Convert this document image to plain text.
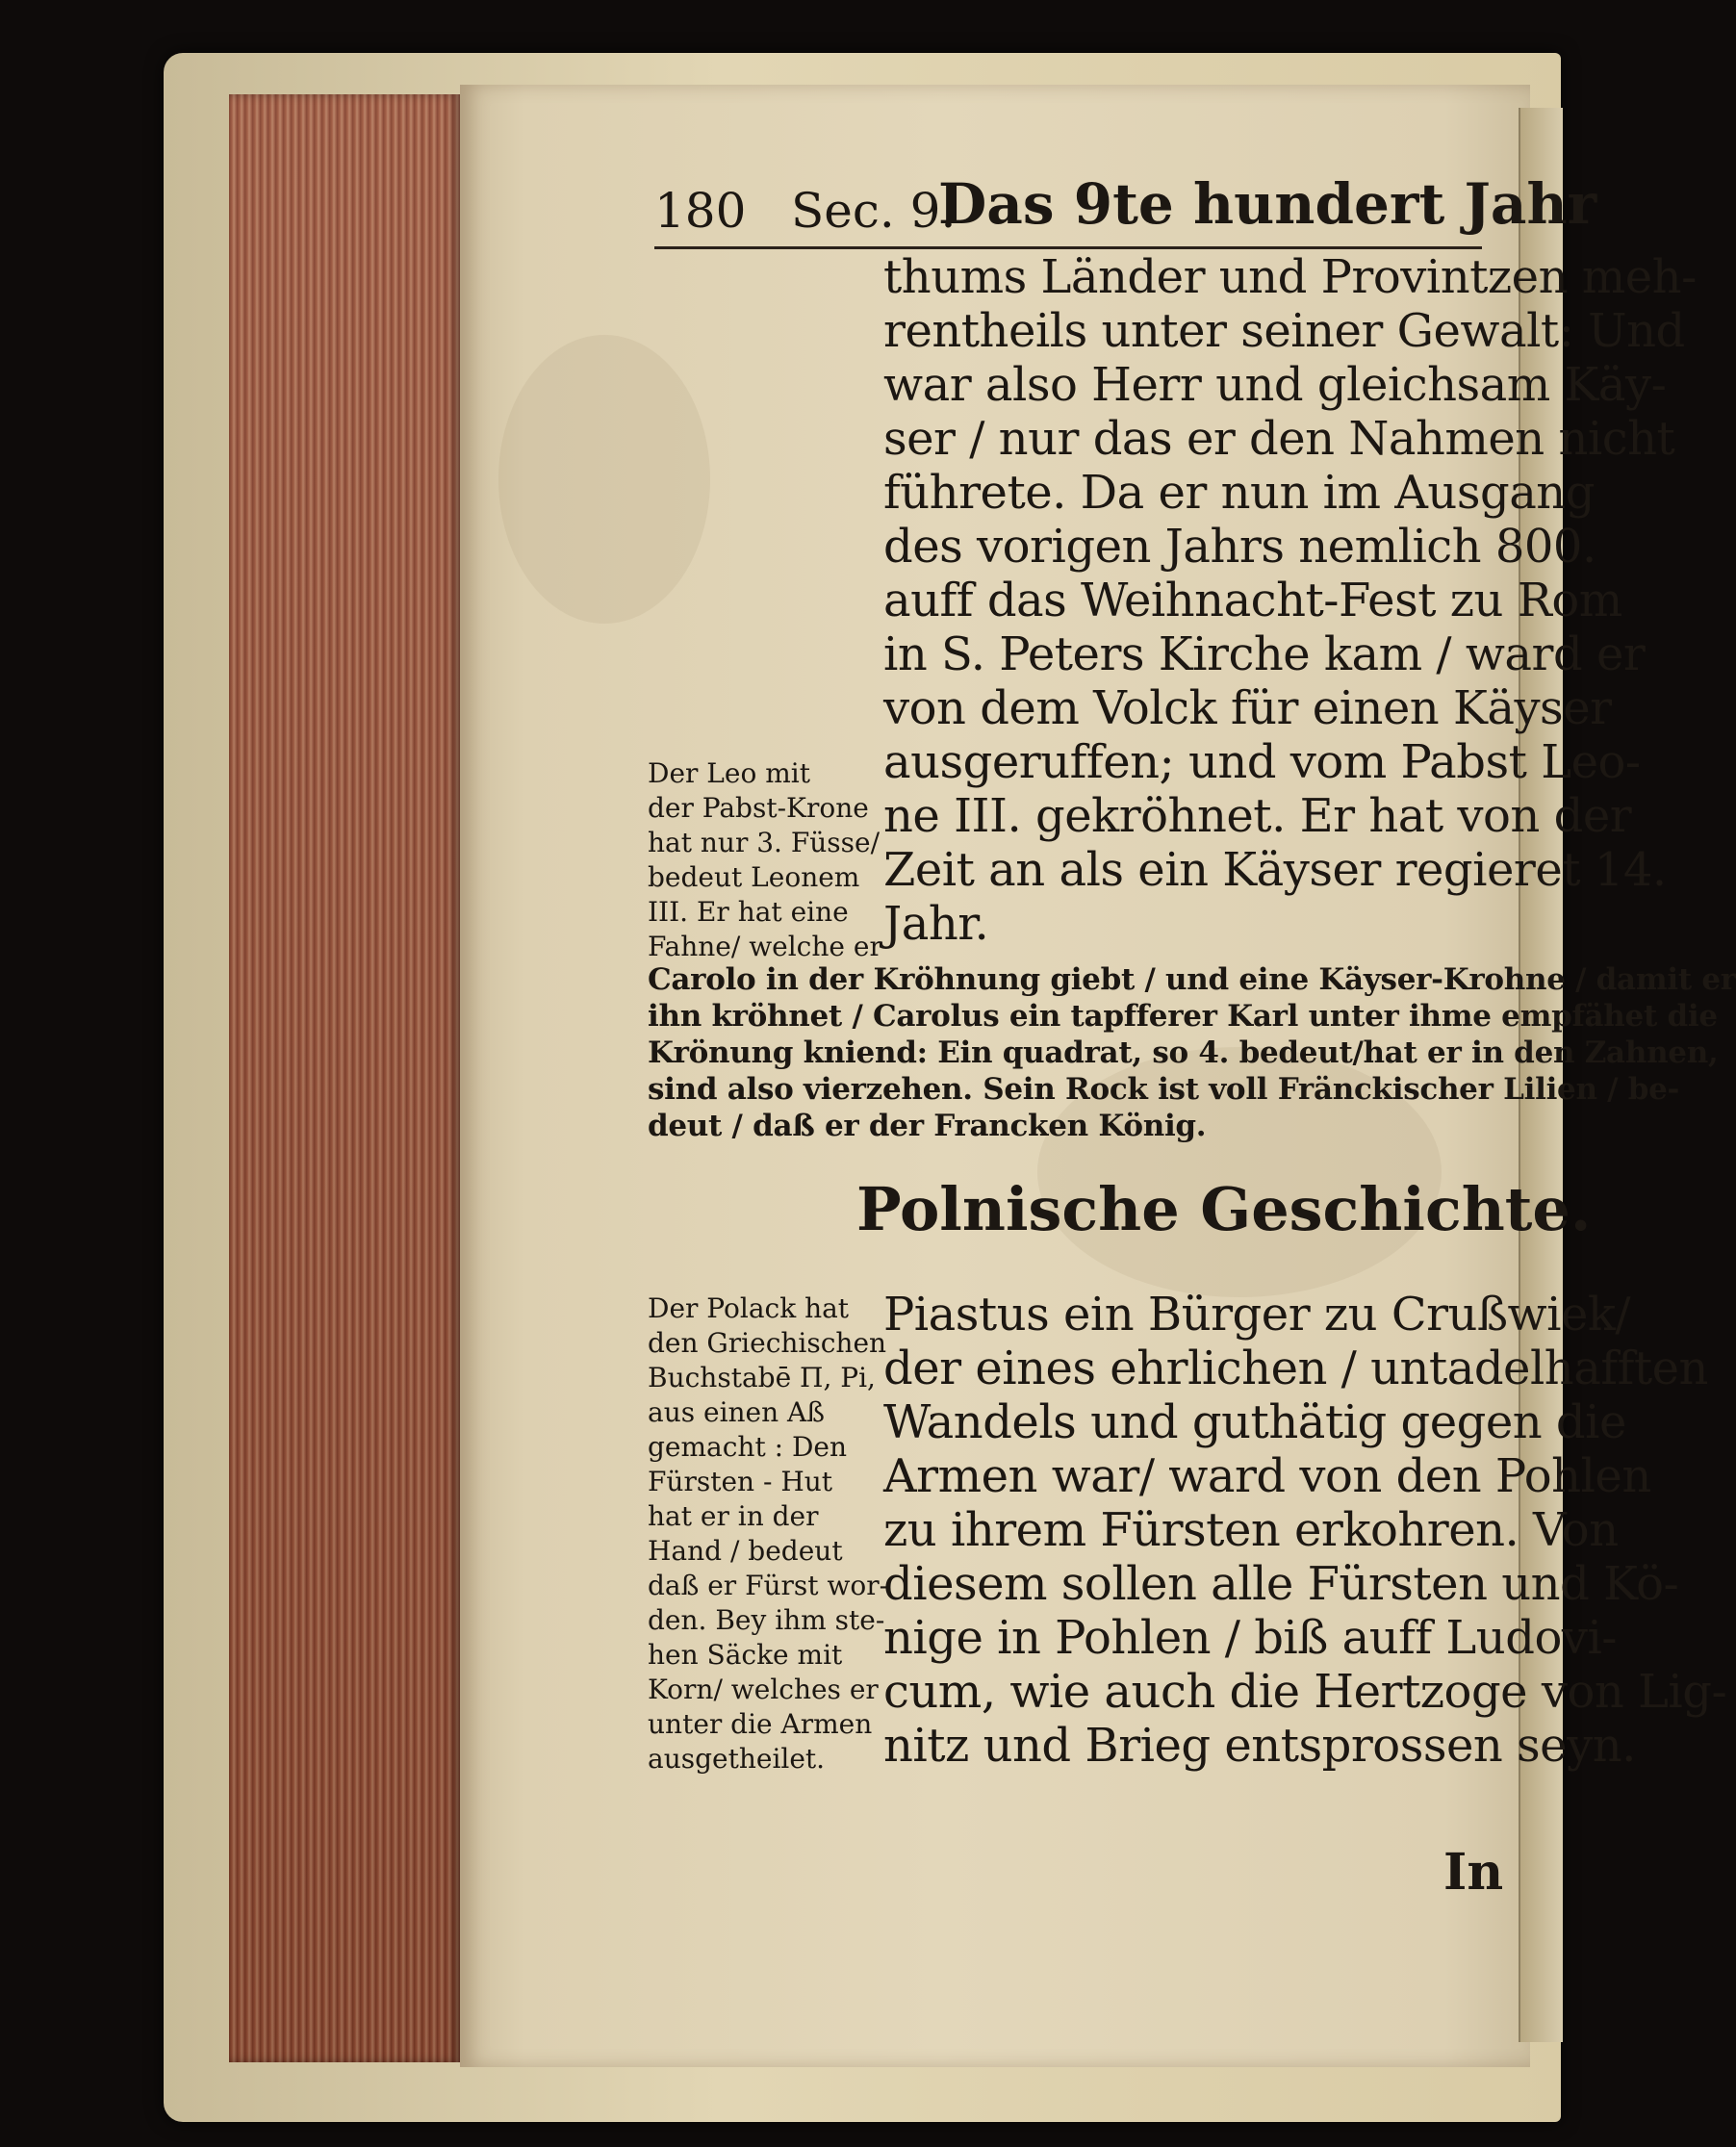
180 Sec. 9.
Das 9te hundert Jahr
thums Länder und Provintzen meh-
rentheils unter seiner Gewalt: Und
war also Herr und gleichsam Käy-
ser / nur das er den Nahmen nicht
führete. Da er nun im Ausgang
des vorigen Jahrs nemlich 800.
auff das Weihnacht-Fest zu Rom
in S. Peters Kirche kam / ward er
von dem Volck für einen Käyser
ausgeruffen; und vom Pabst Leo-
ne III. gekröhnet. Er hat von der
Zeit an als ein Käyser regieret 14.
Jahr.
Der Leo mit
der Pabst-Krone
hat nur 3. Füsse/
bedeut Leonem
III. Er hat eine
Fahne/ welche er
Carolo in der Kröhnung giebt / und eine Käyser-Krohne / damit er
ihn kröhnet / Carolus ein tapfferer Karl unter ihme empfähet die
Krönung kniend: Ein quadrat, so 4. bedeut/hat er in den Zahnen,
sind also vierzehen. Sein Rock ist voll Fränckischer Lilien / be-
deut / daß er der Francken König.
Polnische Geschichte.
Piastus ein Bürger zu Crußwiek/
der eines ehrlichen / untadelhafften
Wandels und guthätig gegen die
Armen war/ ward von den Pohlen
zu ihrem Fürsten erkohren. Von
diesem sollen alle Fürsten und Kö-
nige in Pohlen / biß auff Ludovi-
cum, wie auch die Hertzoge von Lig-
nitz und Brieg entsprossen seyn.
Der Polack hat
den Griechischen
Buchstabē Π, Pi,
aus einen Aß
gemacht : Den
Fürsten - Hut
hat er in der
Hand / bedeut
daß er Fürst wor-
den. Bey ihm ste-
hen Säcke mit
Korn/ welches er
unter die Armen
ausgetheilet.
In
